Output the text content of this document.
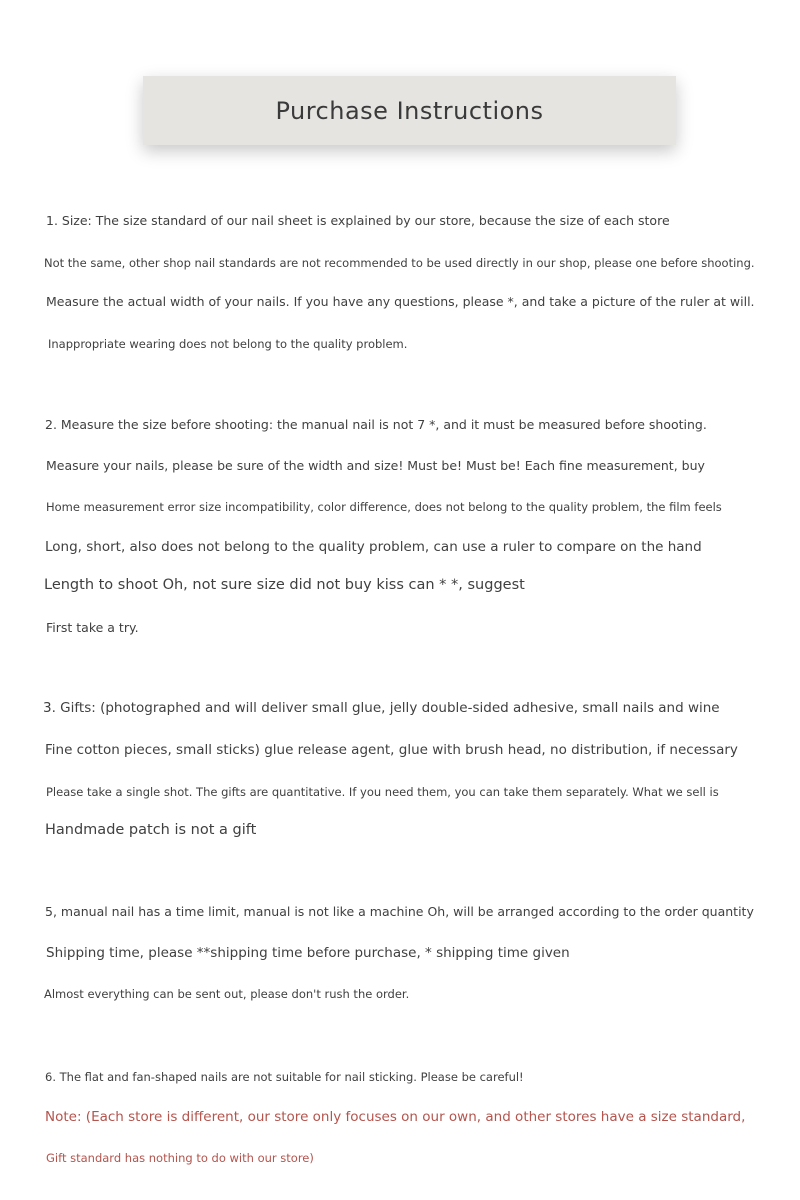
Purchase Instructions
1. Size: The size standard of our nail sheet is explained by our store, because the size of each store
Not the same, other shop nail standards are not recommended to be used directly in our shop, please one before shooting.
Measure the actual width of your nails. If you have any questions, please *, and take a picture of the ruler at will.
Inappropriate wearing does not belong to the quality problem.
2. Measure the size before shooting: the manual nail is not 7 *, and it must be measured before shooting.
Measure your nails, please be sure of the width and size! Must be! Must be! Each fine measurement, buy
Home measurement error size incompatibility, color difference, does not belong to the quality problem, the film feels
Long, short, also does not belong to the quality problem, can use a ruler to compare on the hand
Length to shoot Oh, not sure size did not buy kiss can * *, suggest
First take a try.
3. Gifts: (photographed and will deliver small glue, jelly double-sided adhesive, small nails and wine
Fine cotton pieces, small sticks) glue release agent, glue with brush head, no distribution, if necessary
Please take a single shot. The gifts are quantitative. If you need them, you can take them separately. What we sell is
Handmade patch is not a gift
5, manual nail has a time limit, manual is not like a machine Oh, will be arranged according to the order quantity
Shipping time, please **shipping time before purchase, * shipping time given
Almost everything can be sent out, please don't rush the order.
6. The flat and fan-shaped nails are not suitable for nail sticking. Please be careful!
Note: (Each store is different, our store only focuses on our own, and other stores have a size standard,
Gift standard has nothing to do with our store)
